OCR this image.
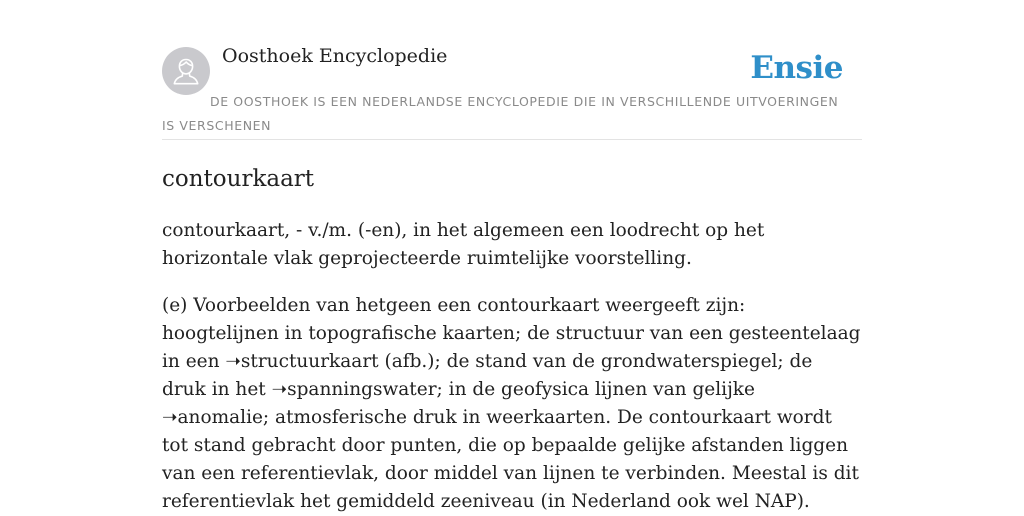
Oosthoek Encyclopedie	Ensie
DE OOSTHOEK IS EEN NEDERLANDSE ENCYCLOPEDIE DIE IN VERSCHILLENDE UITVOERINGEN IS VERSCHENEN
contourkaart

contourkaart, - v./m. (-en), in het algemeen een loodrecht op het horizontale vlak geprojecteerde ruimtelijke voorstelling.

(e) Voorbeelden van hetgeen een contourkaart weergeeft zijn: hoogtelijnen in topografische kaarten; de structuur van een gesteentelaag in een ➝structuurkaart (afb.); de stand van de grondwaterspiegel; de druk in het ➝spanningswater; in de geofysica lijnen van gelijke ➝anomalie; atmosferische druk in weerkaarten. De contourkaart wordt tot stand gebracht door punten, die op bepaalde gelijke afstanden liggen van een referentievlak, door middel van lijnen te verbinden. Meestal is dit referentievlak het gemiddeld zeeniveau (in Nederland ook wel NAP).
